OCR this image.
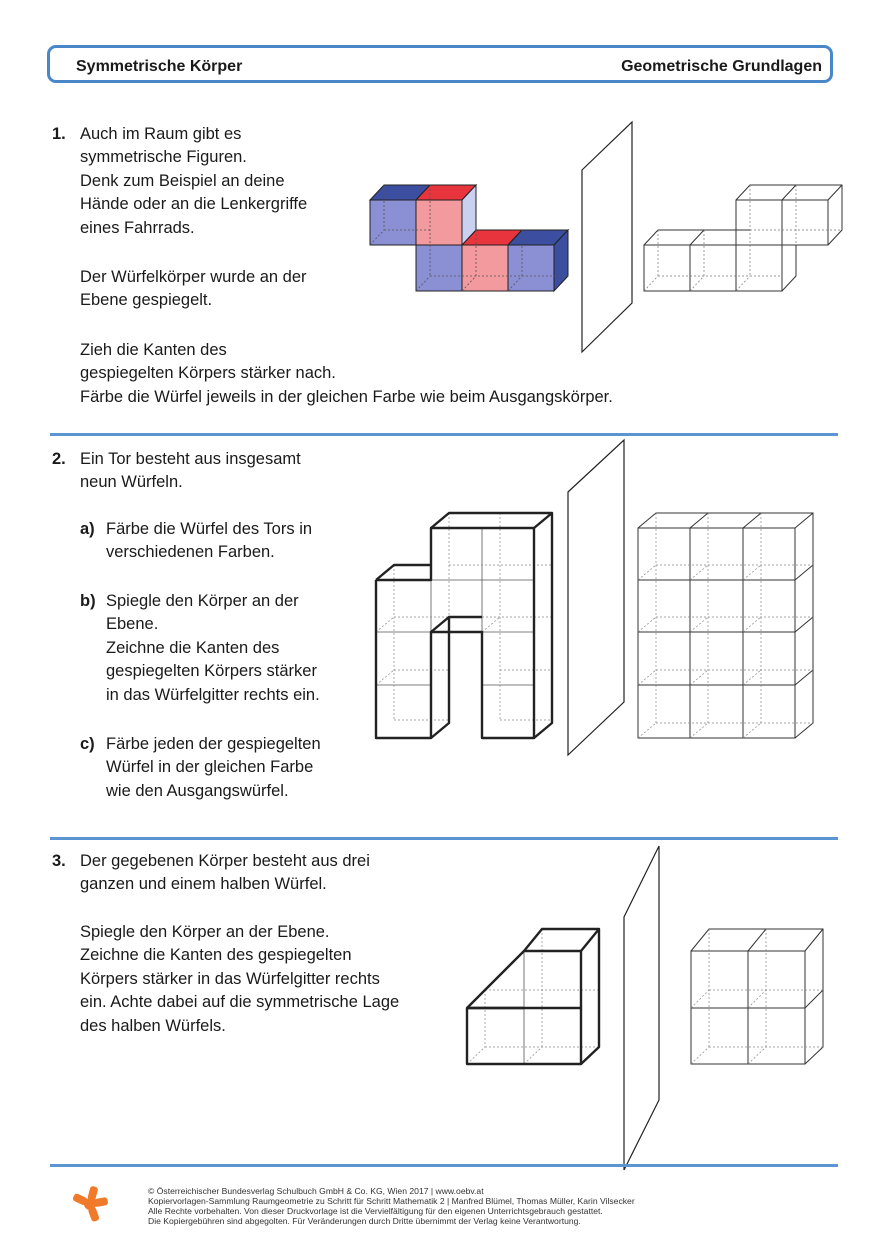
Symmetrische Körper	Geometrische Grundlagen
1. Auch im Raum gibt es
symmetrische Figuren.
Denk zum Beispiel an deine
Hände oder an die Lenkergriffe
eines Fahrrads.
Der Würfelkörper wurde an der
Ebene gespiegelt.
Zieh die Kanten des
gespiegelten Körpers stärker nach.
Färbe die Würfel jeweils in der gleichen Farbe wie beim Ausgangskörper.
2. Ein Tor besteht aus insgesamt
neun Würfeln.
a) Färbe die Würfel des Tors in
verschiedenen Farben.
b) Spiegle den Körper an der
Ebene.
Zeichne die Kanten des
gespiegelten Körpers stärker
in das Würfelgitter rechts ein.
c) Färbe jeden der gespiegelten
Würfel in der gleichen Farbe
wie den Ausgangswürfel.
3. Der gegebenen Körper besteht aus drei
ganzen und einem halben Würfel.
Spiegle den Körper an der Ebene.
Zeichne die Kanten des gespiegelten
Körpers stärker in das Würfelgitter rechts
ein. Achte dabei auf die symmetrische Lage
des halben Würfels.
© Österreichischer Bundesverlag Schulbuch GmbH & Co. KG, Wien 2017 | www.oebv.at
Kopiervorlagen-Sammlung Raumgeometrie zu Schritt für Schritt Mathematik 2 | Manfred Blümel, Thomas Müller, Karin Vilsecker
Alle Rechte vorbehalten. Von dieser Druckvorlage ist die Vervielfältigung für den eigenen Unterrichtsgebrauch gestattet.
Die Kopiergebühren sind abgegolten. Für Veränderungen durch Dritte übernimmt der Verlag keine Verantwortung.
